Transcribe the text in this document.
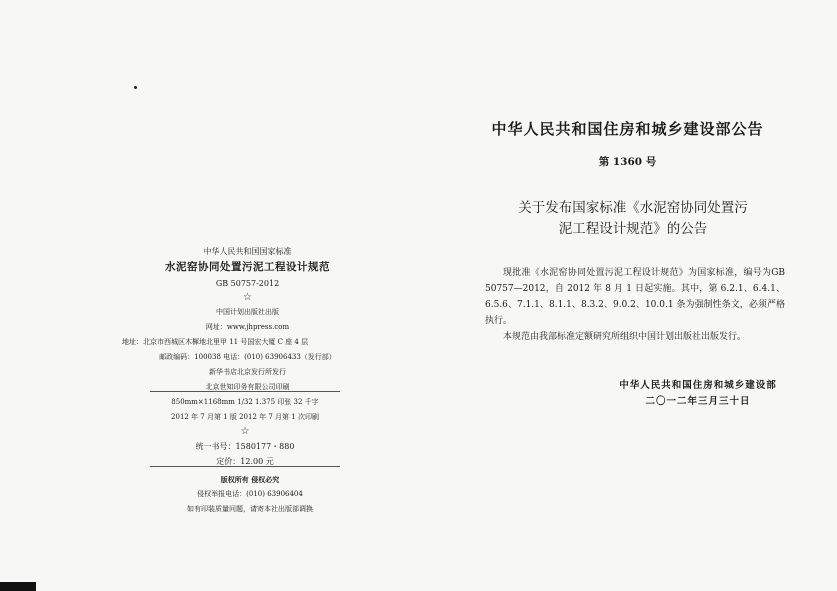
中华人民共和国国家标准
水泥窑协同处置污泥工程设计规范
GB 50757-2012
☆
中国计划出版社出版
网址：www.jhpress.com
地址：北京市西城区木樨地北里甲 11 号国宏大厦 C 座 4 层
邮政编码：100038 电话：(010) 63906433（发行部）
新华书店北京发行所发行
北京世知印务有限公司印刷
850mm×1168mm 1/32 1.375 印张 32 千字
2012 年 7 月第 1 版 2012 年 7 月第 1 次印刷
☆
统一书号：1580177・880
定价：12.00 元
版权所有 侵权必究
侵权举报电话：(010) 63906404
如有印装质量问题，请寄本社出版部调换
中华人民共和国住房和城乡建设部公告
第 1360 号
关于发布国家标准《水泥窑协同处置污
泥工程设计规范》的公告

现批准《水泥窑协同处置污泥工程设计规范》为国家标准，编号为GB 50757—2012，自 2012 年 8 月 1 日起实施。其中，第 6.2.1、6.4.1、6.5.6、7.1.1、8.1.1、8.3.2、9.0.2、10.0.1 条为强制性条文，必须严格执行。

本规范由我部标准定额研究所组织中国计划出版社出版发行。

中华人民共和国住房和城乡建设部
二〇一二年三月三十日
